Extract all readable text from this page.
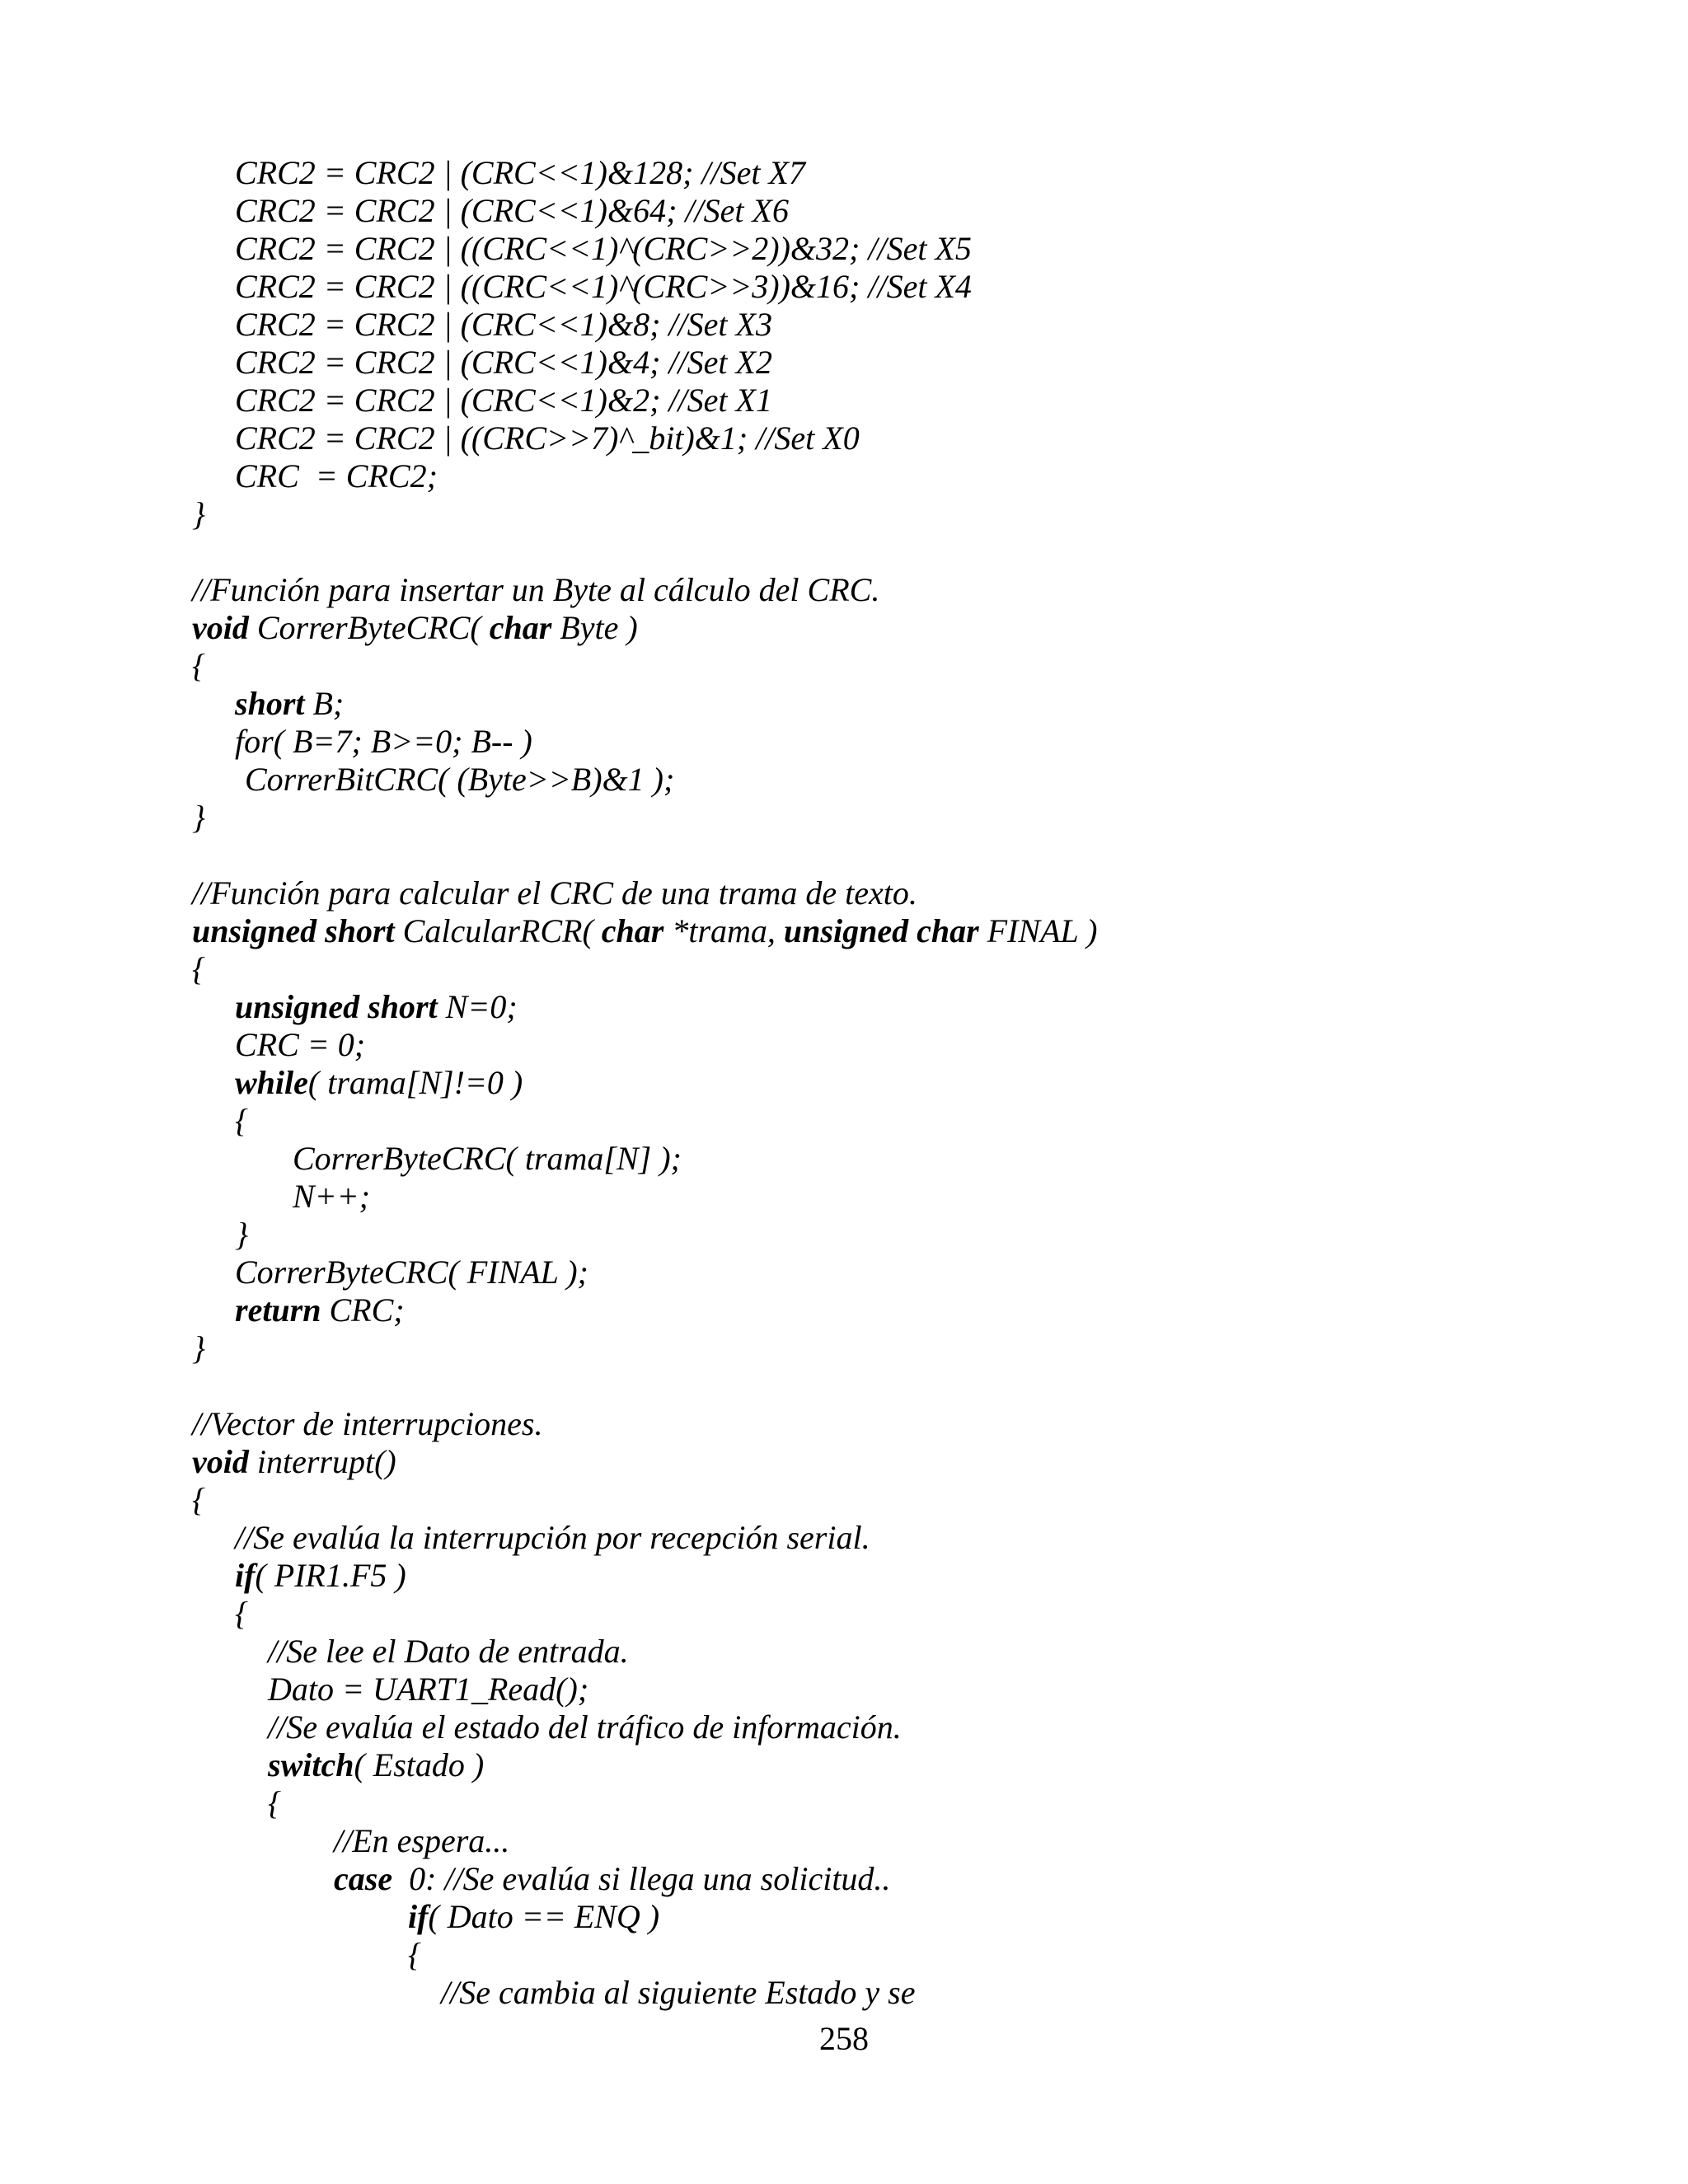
CRC2 = CRC2 | (CRC<<1)&128; //Set X7
CRC2 = CRC2 | (CRC<<1)&64; //Set X6
CRC2 = CRC2 | ((CRC<<1)^(CRC>>2))&32; //Set X5
CRC2 = CRC2 | ((CRC<<1)^(CRC>>3))&16; //Set X4
CRC2 = CRC2 | (CRC<<1)&8; //Set X3
CRC2 = CRC2 | (CRC<<1)&4; //Set X2
CRC2 = CRC2 | (CRC<<1)&2; //Set X1
CRC2 = CRC2 | ((CRC>>7)^_bit)&1; //Set X0
CRC  = CRC2;
}
//Función para insertar un Byte al cálculo del CRC.
void CorrerByteCRC( char Byte )
{
short B;
for( B=7; B>=0; B-- )
CorrerBitCRC( (Byte>>B)&1 );
}
//Función para calcular el CRC de una trama de texto.
unsigned short CalcularRCR( char *trama, unsigned char FINAL )
{
unsigned short N=0;
CRC = 0;
while( trama[N]!=0 )
{
CorrerByteCRC( trama[N] );
N++;
}
CorrerByteCRC( FINAL );
return CRC;
}
//Vector de interrupciones.
void interrupt()
{
//Se evalúa la interrupción por recepción serial.
if( PIR1.F5 )
{
//Se lee el Dato de entrada.
Dato = UART1_Read();
//Se evalúa el estado del tráfico de información.
switch( Estado )
{
//En espera...
case  0: //Se evalúa si llega una solicitud..
if( Dato == ENQ )
{
//Se cambia al siguiente Estado y se
258
